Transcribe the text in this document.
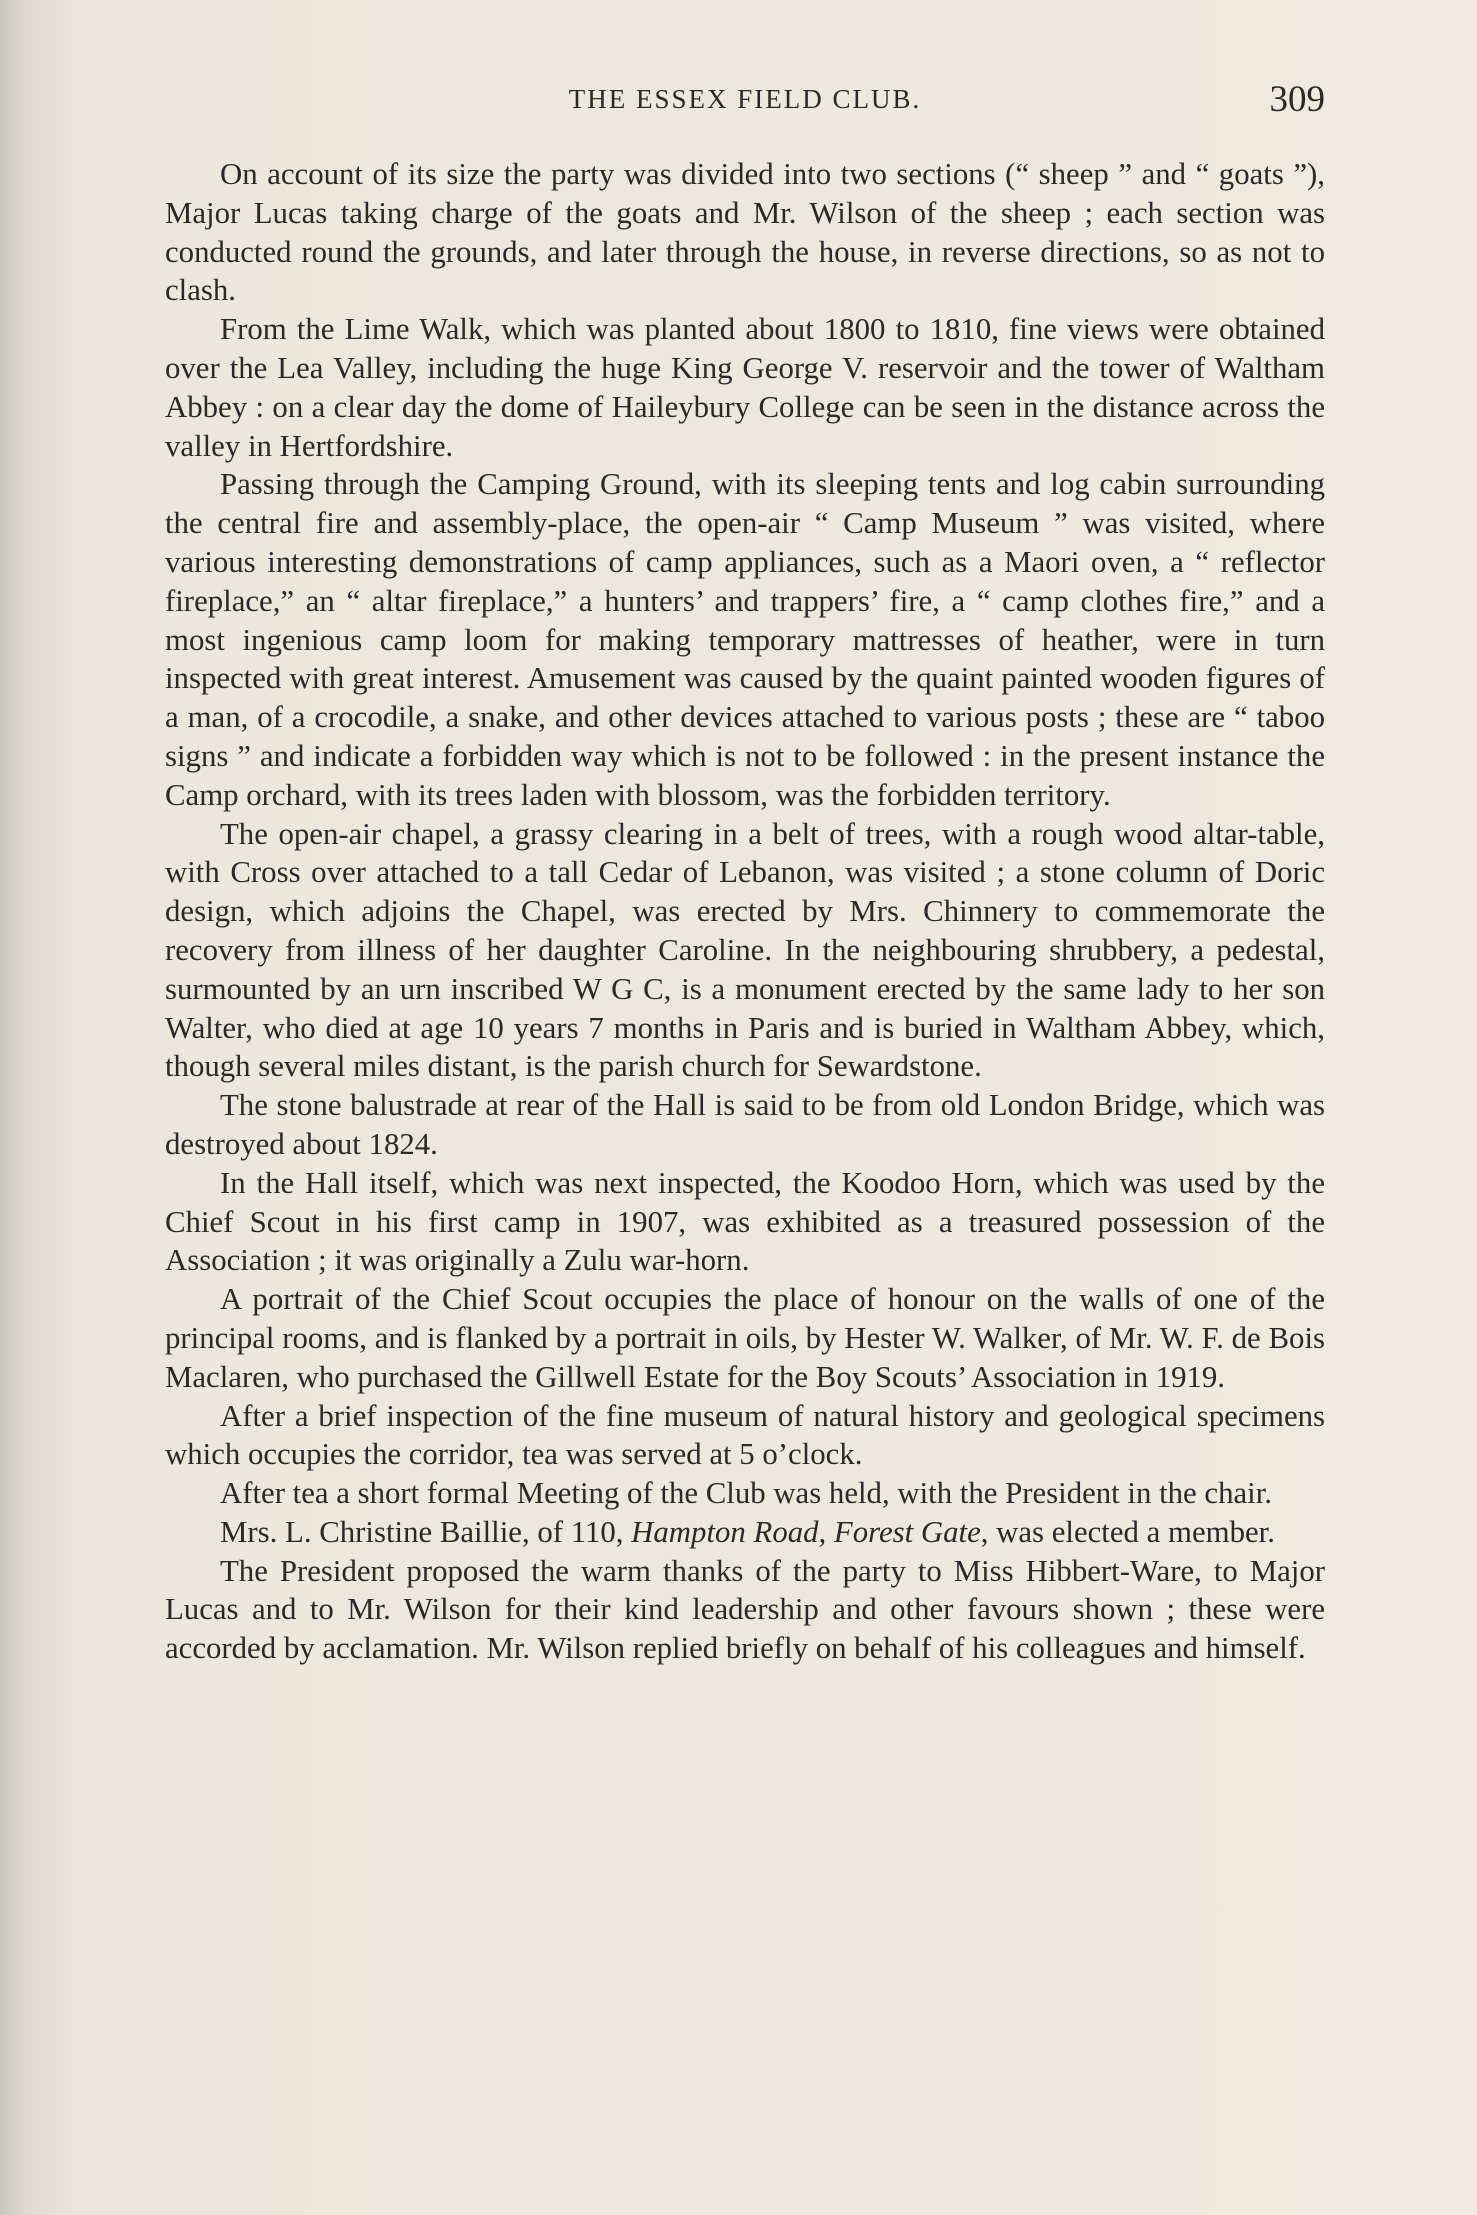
THE ESSEX FIELD CLUB.	309

On account of its size the party was divided into two sections (“ sheep ” and “ goats ”), Major Lucas taking charge of the goats and Mr. Wilson of the sheep ; each section was conducted round the grounds, and later through the house, in reverse directions, so as not to clash.

From the Lime Walk, which was planted about 1800 to 1810, fine views were obtained over the Lea Valley, including the huge King George V. reservoir and the tower of Waltham Abbey : on a clear day the dome of Haileybury College can be seen in the distance across the valley in Hertfordshire.

Passing through the Camping Ground, with its sleeping tents and log cabin surrounding the central fire and assembly-place, the open-air “ Camp Museum ” was visited, where various interesting demonstrations of camp appliances, such as a Maori oven, a “ reflector fireplace,” an “ altar fireplace,” a hunters’ and trappers’ fire, a “ camp clothes fire,” and a most ingenious camp loom for making temporary mattresses of heather, were in turn inspected with great interest. Amusement was caused by the quaint painted wooden figures of a man, of a crocodile, a snake, and other devices attached to various posts ; these are “ taboo signs ” and indicate a forbidden way which is not to be followed : in the present instance the Camp orchard, with its trees laden with blossom, was the forbidden territory.

The open-air chapel, a grassy clearing in a belt of trees, with a rough wood altar-table, with Cross over attached to a tall Cedar of Lebanon, was visited ; a stone column of Doric design, which adjoins the Chapel, was erected by Mrs. Chinnery to commemorate the recovery from illness of her daughter Caroline. In the neighbouring shrubbery, a pedestal, surmounted by an urn inscribed W G C, is a monument erected by the same lady to her son Walter, who died at age 10 years 7 months in Paris and is buried in Waltham Abbey, which, though several miles distant, is the parish church for Sewardstone.

The stone balustrade at rear of the Hall is said to be from old London Bridge, which was destroyed about 1824.

In the Hall itself, which was next inspected, the Koodoo Horn, which was used by the Chief Scout in his first camp in 1907, was exhibited as a treasured possession of the Association ; it was originally a Zulu war-horn.

A portrait of the Chief Scout occupies the place of honour on the walls of one of the principal rooms, and is flanked by a portrait in oils, by Hester W. Walker, of Mr. W. F. de Bois Maclaren, who purchased the Gillwell Estate for the Boy Scouts’ Association in 1919.

After a brief inspection of the fine museum of natural history and geological specimens which occupies the corridor, tea was served at 5 o’clock.

After tea a short formal Meeting of the Club was held, with the President in the chair.

Mrs. L. Christine Baillie, of 110, Hampton Road, Forest Gate, was elected a member.

The President proposed the warm thanks of the party to Miss Hibbert-Ware, to Major Lucas and to Mr. Wilson for their kind leadership and other favours shown ; these were accorded by acclamation. Mr. Wilson replied briefly on behalf of his colleagues and himself.
